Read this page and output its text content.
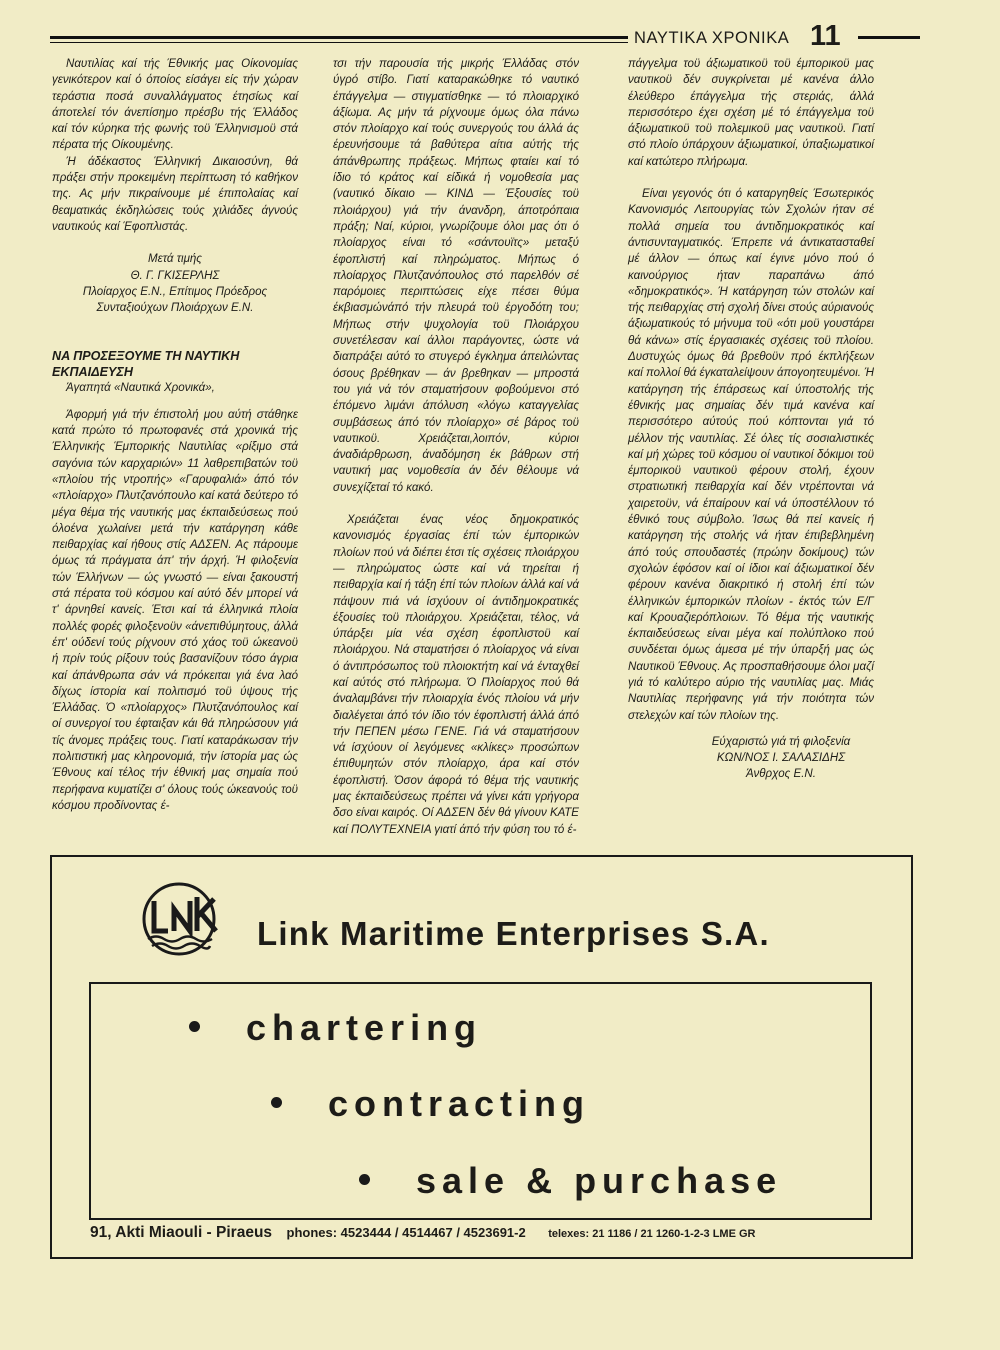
ΝΑΥΤΙΚΑ ΧΡΟΝΙΚΑ 11

Ναυτιλίας καί τής Έθνικής μας Οίκονομίας γενικότερον καί ό όποίος είσάγει είς τήν χώραν τεράστια ποσά συναλλάγματος έτησίως καί άποτελεί τόν άνεπίσημο πρέσβυ τής Έλλάδος καί τόν κύρηκα τής φωνής τοϋ Έλληνισμοϋ στά πέρατα τής Οίκουμένης.

Ή άδέκαστος Έλληνική Δικαιοσύνη, θά πράξει στήν προκειμένη περίπτωση τό καθήκον της. Ας μήν πικραίνουμε μέ έπιπολαίας καί θεαματικάς έκδηλώσεις τούς χιλιάδες άγνούς ναυτικούς καί Έφοπλιστάς.

Μετά τιμής

Θ. Γ. ΓΚΙΣΕΡΛΗΣ

Πλοίαρχος Ε.Ν., Επίτιμος Πρόεδρος Συνταξιούχων Πλοιάρχων Ε.Ν.

ΝΑ ΠΡΟΣΕΞΟΥΜΕ ΤΗ ΝΑΥΤΙΚΗ ΕΚΠΑΙΔΕΥΣΗ

Άγαπητά «Ναυτικά Χρονικά»,

Άφορμή γιά τήν έπιστολή μου αύτή στάθηκε κατά πρώτο τό πρωτοφανές στά χρονικά τής Έλληνικής Έμπορικής Ναυτιλίας «ρίξιμο στά σαγόνια τών καρχαριών» 11 λαθρεπιβατών τοϋ «πλοίου τής ντροπής» «Γαρυφαλιά» άπό τόν «πλοίαρχο» Πλυτζανόπουλο καί κατά δεύτερο τό μέγα θέμα τής ναυτικής μας έκπαιδεύσεως πού όλοένα χωλαίνει μετά τήν κατάργηση κάθε πειθαρχίας καί ήθους στίς ΑΔΣΕΝ. Ας πάρουμε όμως τά πράγματα άπ' τήν άρχή. Ή φιλοξενία τών Έλλήνων — ώς γνωστό — είναι ξακουστή στά πέρατα τοϋ κόσμου καί αύτό δέν μπορεί νά τ' άρνηθεί κανείς. Έτσι καί τά έλληνικά πλοία πολλές φορές φιλοξενοϋν «άνεπιθύμητους, άλλά έπ' ούδενί τούς ρίχνουν στό χάος τοϋ ώκεανοϋ ή πρίν τούς ρίξουν τούς βασανίζουν τόσο άγρια καί άπάνθρωπα σάν νά πρόκειται γιά ένα λαό δίχως ίστορία καί πολιτισμό τοϋ ύψους τής Έλλάδας. Ό «πλοίαρχος» Πλυτζανόπουλος καί οί συνεργοί του έφταιξαν κάι θά πληρώσουν γιά τίς άνομες πράξεις τους. Γιατί καταράκωσαν τήν πολιτιστική μας κληρονομιά, τήν ίστορία μας ώς Έθνους καί τέλος τήν έθνική μας σημαία πού περήφανα κυματίζει σ' όλους τούς ώκεανούς τοϋ κόσμου προδίνοντας έ-

τσι τήν παρουσία τής μικρής Έλλάδας στόν ύγρό στίβο. Γιατί καταρακώθηκε τό ναυτικό έπάγγελμα — στιγματίσθηκε — τό πλοιαρχικό άξίωμα. Ας μήν τά ρίχνουμε όμως όλα πάνω στόν πλοίαρχο καί τούς συνεργούς του άλλά άς έρευνήσουμε τά βαθύτερα αίτια αύτής τής άπάνθρωπης πράξεως. Μήπως φταίει καί τό ίδιο τό κράτος καί είδικά ή νομοθεσία μας (ναυτικό δίκαιο — ΚΙΝΔ — Έξουσίες τοϋ πλοιάρχου) γιά τήν άνανδρη, άποτρόπαια πράξη; Ναί, κύριοι, γνωρίζουμε όλοι μας ότι ό πλοίαρχος είναι τό «σάντουϊτς» μεταξύ έφοπλιστή καί πληρώματος. Μήπως ό πλοίαρχος Πλυτζανόπουλος στό παρελθόν σέ παρόμοιες περιπτώσεις είχε πέσει θύμα έκβιασμώνάπό τήν πλευρά τοϋ έργοδότη του; Μήπως στήν ψυχολογία τοϋ Πλοιάρχου συνετέλεσαν καί άλλοι παράγοντες, ώστε νά διαπράξει αύτό το στυγερό έγκλημα άπειλώντας όσους βρέθηκαν — άν βρεθηκαν — μπροστά του γιά νά τόν σταματήσουν φοβούμενοι στό έπόμενο λιμάνι άπόλυση «λόγω καταγγελίας συμβάσεως άπό τόν πλοίαρχο» σέ βάρος τοϋ ναυτικοϋ. Χρειάζεται,λοιπόν, κύριοι άναδιάρθρωση, άναδόμηση έκ βάθρων στή ναυτική μας νομοθεσία άν δέν θέλουμε νά συνεχίζεταί τό κακό.

Χρειάζεται ένας νέος δημοκρατικός κανονισμός έργασίας έπί τών έμπορικών πλοίων πού νά διέπει έτσι τίς σχέσεις πλοιάρχου — πληρώματος ώστε καί νά τηρείται ή πειθαρχία καί ή τάξη έπί τών πλοίων άλλά καί νά πάψουν πιά νά ίσχύουν οί άντιδημοκρατικές έξουσίες τοϋ πλοιάρχου. Χρειάζεται, τέλος, νά ύπάρξει μία νέα σχέση έφοπλιστοϋ καί πλοιάρχου. Νά σταματήσει ό πλοίαρχος νά είναι ό άντιπρόσωπος τοϋ πλοιοκτήτη καί νά ένταχθεί καί αύτός στό πλήρωμα. Ό Πλοίαρχος πού θά άναλαμβάνει τήν πλοιαρχία ένός πλοίου νά μήν διαλέγεται άπό τόν ίδιο τόν έφοπλιστή άλλά άπό τήν ΠΕΠΕΝ μέσω ΓΕΝΕ. Γιά νά σταματήσουν νά ίσχύουν οί λεγόμενες «κλίκες» προσώπων έπιθυμητών στόν πλοίαρχο, άρα καί στόν έφοπλιστή. Όσον άφορά τό θέμα τής ναυτικής μας έκπαιδεύσεως πρέπει νά γίνει κάτι γρήγορα δσο είναι καιρός. Οί ΑΔΣΕΝ δέν θά γίνουν ΚΑΤΕ καί ΠΟΛΥΤΕΧΝΕΙΑ γιατί άπό τήν φύση του τό έ-

πάγγελμα τοϋ άξιωματικοϋ τοϋ έμπορικοϋ μας ναυτικοϋ δέν συγκρίνεται μέ κανένα άλλο έλεύθερο έπάγγελμα τής στεριάς, άλλά περισσότερο έχει σχέση μέ τό έπάγγελμα τοϋ άξιωματικοϋ τοϋ πολεμικοϋ μας ναυτικοϋ. Γιατί στό πλοίο ύπάρχουν άξιωματικοί, ύπαξιωματικοί καί κατώτερο πλήρωμα.

Είναι γεγονός ότι ό καταργηθείς Έσωτερικός Κανονισμός Λειτουργίας τών Σχολών ήταν σέ πολλά σημεία του άντιδημοκρατικός καί άντισυνταγματικός. Έπρεπε νά άντικατασταθεί μέ άλλον — όπως καί έγινε μόνο πού ό καινούργιος ήταν παραπάνω άπό «δημοκρατικός». Ή κατάργηση τών στολών καί τής πειθαρχίας στή σχολή δίνει στούς αύριανούς άξιωματικούς τό μήνυμα τοϋ «ότι μοϋ γουστάρει θά κάνω» στίς έργασιακές σχέσεις τοϋ πλοίου. Δυστυχώς όμως θά βρεθοϋν πρό έκπλήξεων καί πολλοί θά έγκαταλείψουν άπογοητευμένοι. Ή κατάργηση τής έπάρσεως καί ύποστολής τής έθνικής μας σημαίας δέν τιμά κανένα καί περισσότερο αύτούς πού κόπτονται γιά τό μέλλον τής ναυτιλίας. Σέ όλες τίς σοσιαλιστικές καί μή χώρες τοϋ κόσμου οί ναυτικοί δόκιμοι τοϋ έμπορικοϋ ναυτικοϋ φέρουν στολή, έχουν στρατιωτική πειθαρχία καί δέν ντρέπονται νά χαιρετοϋν, νά έπαίρουν καί νά ύποστέλλουν τό έθνικό τους σύμβολο. Ίσως θά πεί κανείς ή κατάργηση τής στολής νά ήταν έπιβεβλημένη άπό τούς σπουδαστές (πρώην δοκίμους) τών σχολών έφόσον καί οί ίδιοι καί άξιωματικοί δέν φέρουν κανένα διακριτικό ή στολή έπί τών έλληνικών έμπορικών πλοίων - έκτός τών Ε/Γ καί Κρουαζιερόπλοιων. Τό θέμα τής ναυτικής έκπαιδεύσεως είναι μέγα καί πολύπλοκο πού συνδέεται όμως άμεσα μέ τήν ύπαρξή μας ώς Ναυτικοϋ Έθνους. Ας προσπαθήσουμε όλοι μαζί γιά τό καλύτερο αύριο τής ναυτιλίας μας. Μιάς Ναυτιλίας περήφανης γιά τήν ποιότητα τών στελεχών καί τών πλοίων της.

Εύχαριστώ γιά τή φιλοξενία

ΚΩΝ/ΝΟΣ Ι. ΣΑΛΑΣΙΔΗΣ

Άνθρχος Ε.Ν.

Link Maritime Enterprises S.A.
chartering
contracting
sale & purchase
91, Akti Miaouli - Piraeus phones: 4523444 / 4514467 / 4523691-2 telexes: 21 1186 / 21 1260-1-2-3 LME GR
